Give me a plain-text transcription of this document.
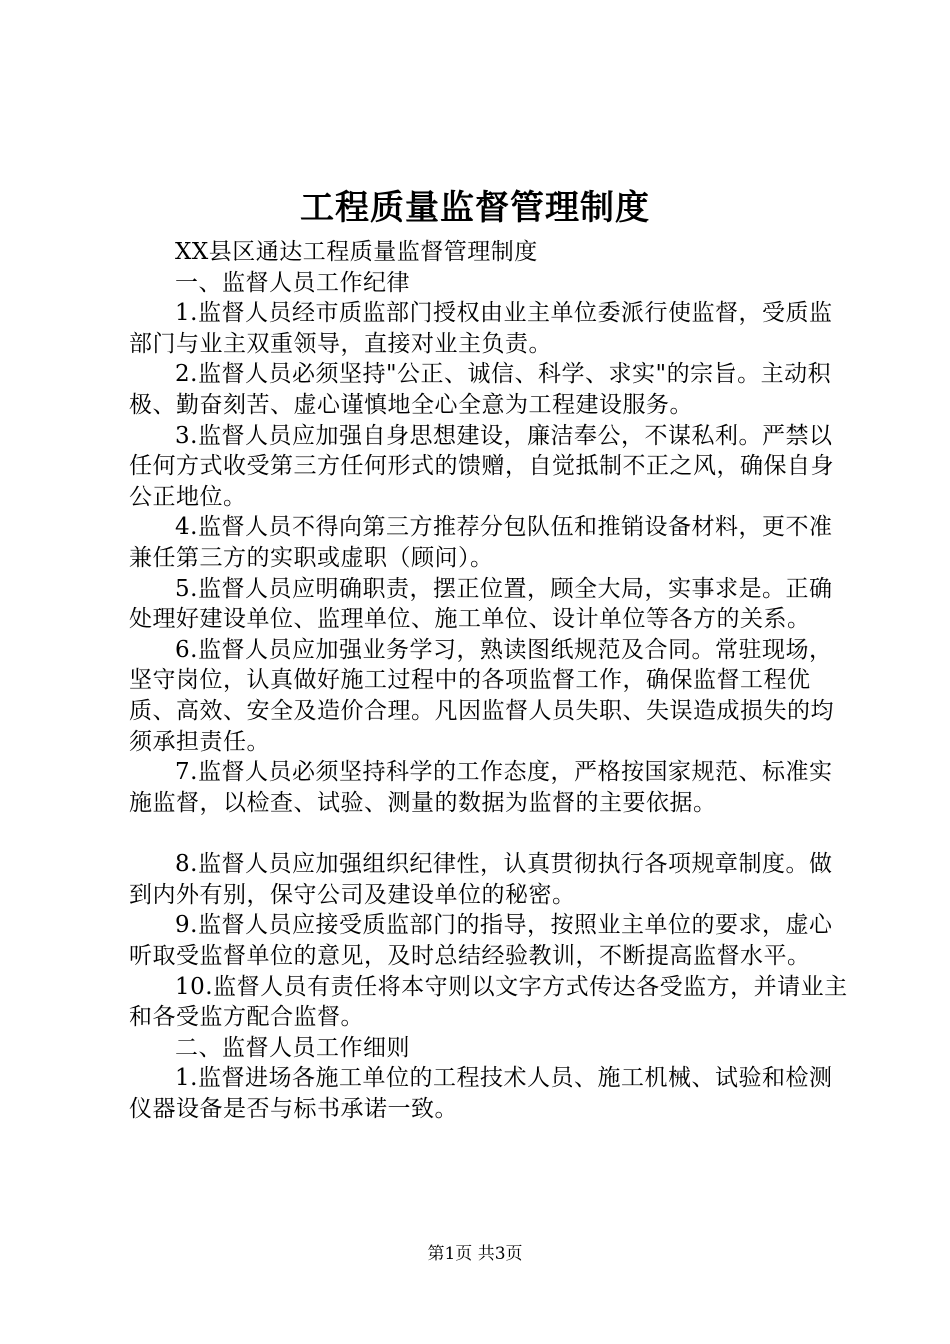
工程质量监督管理制度

XX县区通达工程质量监督管理制度

一、监督人员工作纪律

1.监督人员经市质监部门授权由业主单位委派行使监督，受质监部门与业主双重领导，直接对业主负责。

2.监督人员必须坚持"公正、诚信、科学、求实"的宗旨。主动积极、勤奋刻苦、虚心谨慎地全心全意为工程建设服务。

3.监督人员应加强自身思想建设，廉洁奉公，不谋私利。严禁以任何方式收受第三方任何形式的馈赠，自觉抵制不正之风，确保自身公正地位。

4.监督人员不得向第三方推荐分包队伍和推销设备材料，更不准兼任第三方的实职或虚职（顾问）。

5.监督人员应明确职责，摆正位置，顾全大局，实事求是。正确处理好建设单位、监理单位、施工单位、设计单位等各方的关系。

6.监督人员应加强业务学习，熟读图纸规范及合同。常驻现场，坚守岗位，认真做好施工过程中的各项监督工作，确保监督工程优质、高效、安全及造价合理。凡因监督人员失职、失误造成损失的均须承担责任。

7.监督人员必须坚持科学的工作态度，严格按国家规范、标准实施监督，以检查、试验、测量的数据为监督的主要依据。

8.监督人员应加强组织纪律性，认真贯彻执行各项规章制度。做到内外有别，保守公司及建设单位的秘密。

9.监督人员应接受质监部门的指导，按照业主单位的要求，虚心听取受监督单位的意见，及时总结经验教训，不断提高监督水平。

10.监督人员有责任将本守则以文字方式传达各受监方，并请业主和各受监方配合监督。

二、监督人员工作细则

1.监督进场各施工单位的工程技术人员、施工机械、试验和检测仪器设备是否与标书承诺一致。

第1页 共3页
